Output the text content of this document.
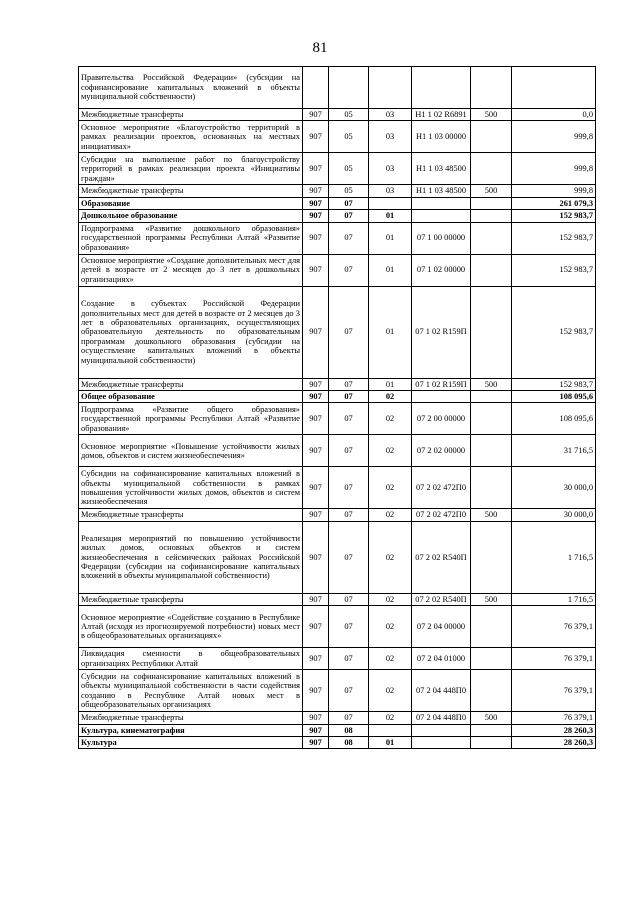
81
Правительства Российской Федерации» (субсидии на софинансирование капитальных вложений в объекты муниципальной собственности)						
Межбюджетные трансферты	907	05	03	Н1 1 02 R6891	500	0,0
Основное мероприятие «Благоустройство территорий в рамках реализации проектов, основанных на местных инициативах»	907	05	03	Н1 1 03 00000		999,8
Субсидии на выполнение работ по благоустройству территорий в рамках реализации проекта «Инициативы граждан»	907	05	03	Н1 1 03 48500		999,8
Межбюджетные трансферты	907	05	03	Н1 1 03 48500	500	999,8
Образование	907	07				261 079,3
Дошкольное образование	907	07	01			152 983,7
Подпрограмма «Развитие дошкольного образования» государственной программы Республики Алтай «Развитие образования»	907	07	01	07 1 00 00000		152 983,7
Основное мероприятие «Создание дополнительных мест для детей в возрасте от 2 месяцев до 3 лет в дошкольных организациях»	907	07	01	07 1 02 00000		152 983,7
Создание в субъектах Российской Федерации дополнительных мест для детей в возрасте от 2 месяцев до 3 лет в образовательных организациях, осуществляющих образовательную деятельность по образовательным программам дошкольного образования (субсидии на осуществление капитальных вложений в объекты муниципальной собственности)	907	07	01	07 1 02 R159П		152 983,7
Межбюджетные трансферты	907	07	01	07 1 02 R159П	500	152 983,7
Общее образование	907	07	02			108 095,6
Подпрограмма «Развитие общего образования» государственной программы Республики Алтай «Развитие образования»	907	07	02	07 2 00 00000		108 095,6
Основное мероприятие «Повышение устойчивости жилых домов, объектов и систем жизнеобеспечения»	907	07	02	07 2 02 00000		31 716,5
Субсидии на софинансирование капитальных вложений в объекты муниципальной собственности в рамках повышения устойчивости жилых домов, объектов и систем жизнеобеспечения	907	07	02	07 2 02 472П0		30 000,0
Межбюджетные трансферты	907	07	02	07 2 02 472П0	500	30 000,0
Реализация мероприятий по повышению устойчивости жилых домов, основных объектов и систем жизнеобеспечения в сейсмических районах Российской Федерации (субсидии на софинансирование капитальных вложений в объекты муниципальной собственности)	907	07	02	07 2 02 R540П		1 716,5
Межбюджетные трансферты	907	07	02	07 2 02 R540П	500	1 716,5
Основное мероприятие «Содействие созданию в Республике Алтай (исходя из прогнозируемой потребности) новых мест в общеобразовательных организациях»	907	07	02	07 2 04 00000		76 379,1
Ликвидация сменности в общеобразовательных организациях Республики Алтай	907	07	02	07 2 04 01000		76 379,1
Субсидии на софинансирование капитальных вложений в объекты муниципальной собственности в части содействия созданию в Республике Алтай новых мест в общеобразовательных организациях	907	07	02	07 2 04 448П0		76 379,1
Межбюджетные трансферты	907	07	02	07 2 04 448П0	500	76 379,1
Культура, кинематография	907	08				28 260,3
Культура	907	08	01			28 260,3
